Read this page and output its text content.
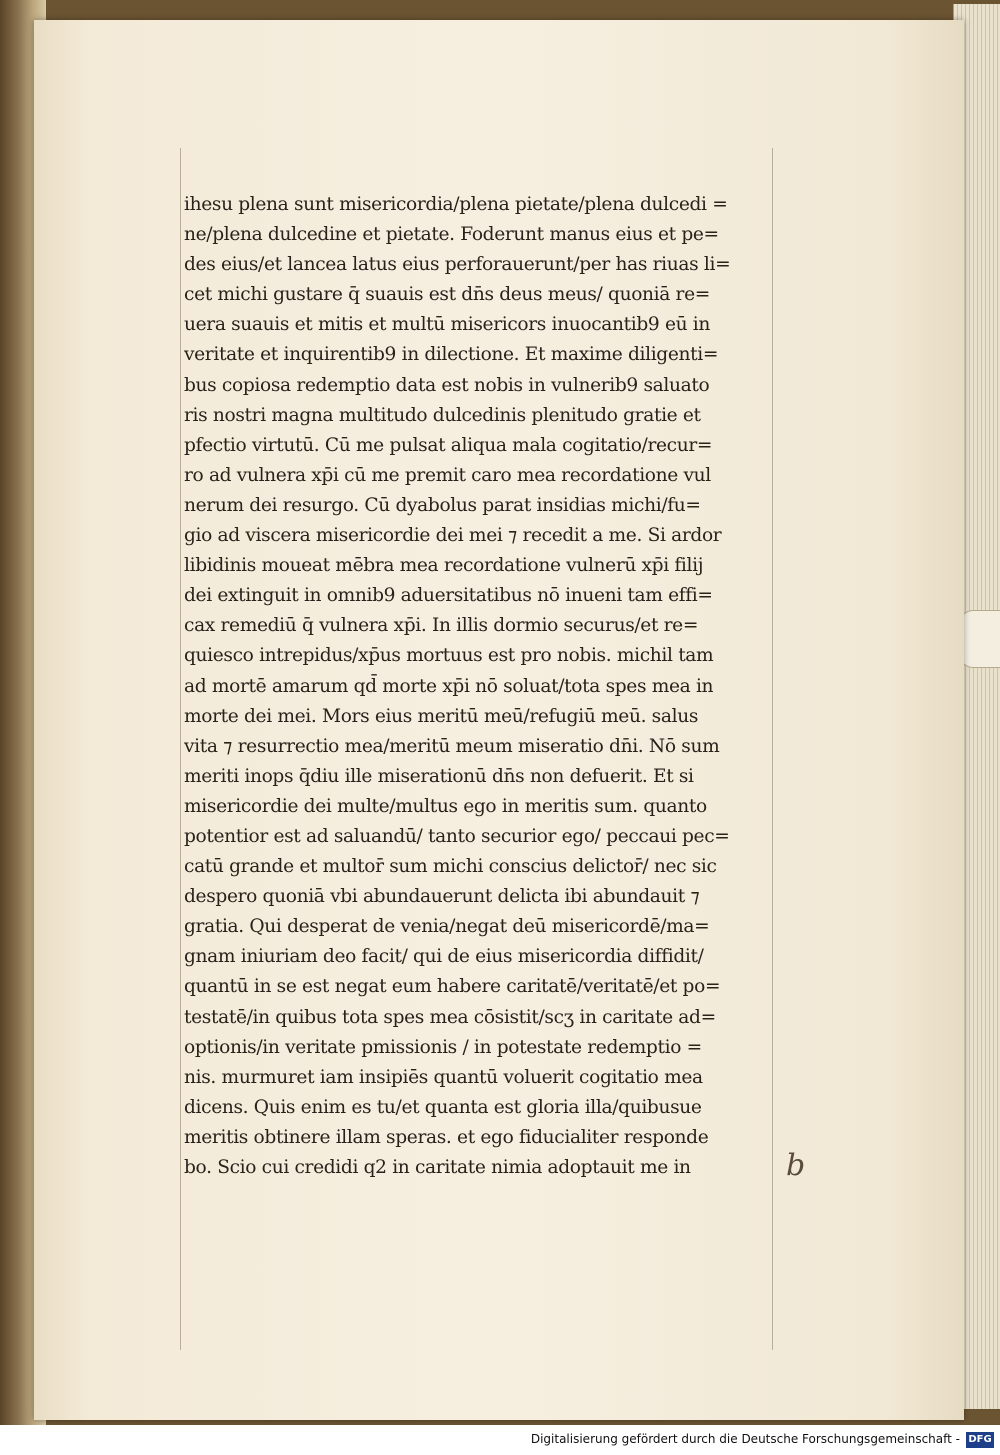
ihesu plena sunt misericordia/plena pietate/plena dulcedi =
ne/plena dulcedine et pietate. Foderunt manus eius et pe=
des eius/et lancea latus eius perforauerunt/per has riuas li=
cet michi gustare q̄ suauis est dn̄s deus meus/ quoniā re=
uera suauis et mitis et multū misericors inuocantib9 eū in
veritate et inquirentib9 in dilectione. Et maxime diligenti=
bus copiosa redemptio data est nobis in vulnerib9 saluato
ris nostri magna multitudo dulcedinis plenitudo gratie et
pfectio virtutū. Cū me pulsat aliqua mala cogitatio/recur=
ro ad vulnera xp̄i cū me premit caro mea recordatione vul
nerum dei resurgo. Cū dyabolus parat insidias michi/fu=
gio ad viscera misericordie dei mei ⁊ recedit a me. Si ardor
libidinis moueat mēbra mea recordatione vulnerū xp̄i filij
dei extinguit in omnib9 aduersitatibus nō inueni tam effi=
cax remediū q̄ vulnera xp̄i. In illis dormio securus/et re=
quiesco intrepidus/xp̄us mortuus est pro nobis. michil tam
ad mortē amarum qd̄ morte xp̄i nō soluat/tota spes mea in
morte dei mei. Mors eius meritū meū/refugiū meū. salus
vita ⁊ resurrectio mea/meritū meum miseratio dn̄i. Nō sum
meriti inops q̄diu ille miserationū dn̄s non defuerit. Et si
misericordie dei multe/multus ego in meritis sum. quanto
potentior est ad saluandū/ tanto securior ego/ peccaui pec=
catū grande et multor̄ sum michi conscius delictor̄/ nec sic
despero quoniā vbi abundauerunt delicta ibi abundauit ⁊
gratia. Qui desperat de venia/negat deū misericordē/ma=
gnam iniuriam deo facit/ qui de eius misericordia diffidit/
quantū in se est negat eum habere caritatē/veritatē/et po=
testatē/in quibus tota spes mea cōsistit/scʒ in caritate ad=
optionis/in veritate pmissionis / in potestate redemptio =
nis. murmuret iam insipiēs quantū voluerit cogitatio mea
dicens. Quis enim es tu/et quanta est gloria illa/quibusue
meritis obtinere illam speras. et ego fiducialiter responde
bo. Scio cui credidi q2 in caritate nimia adoptauit me in	b
Digitalisierung gefördert durch die Deutsche Forschungsgemeinschaft - DFG
